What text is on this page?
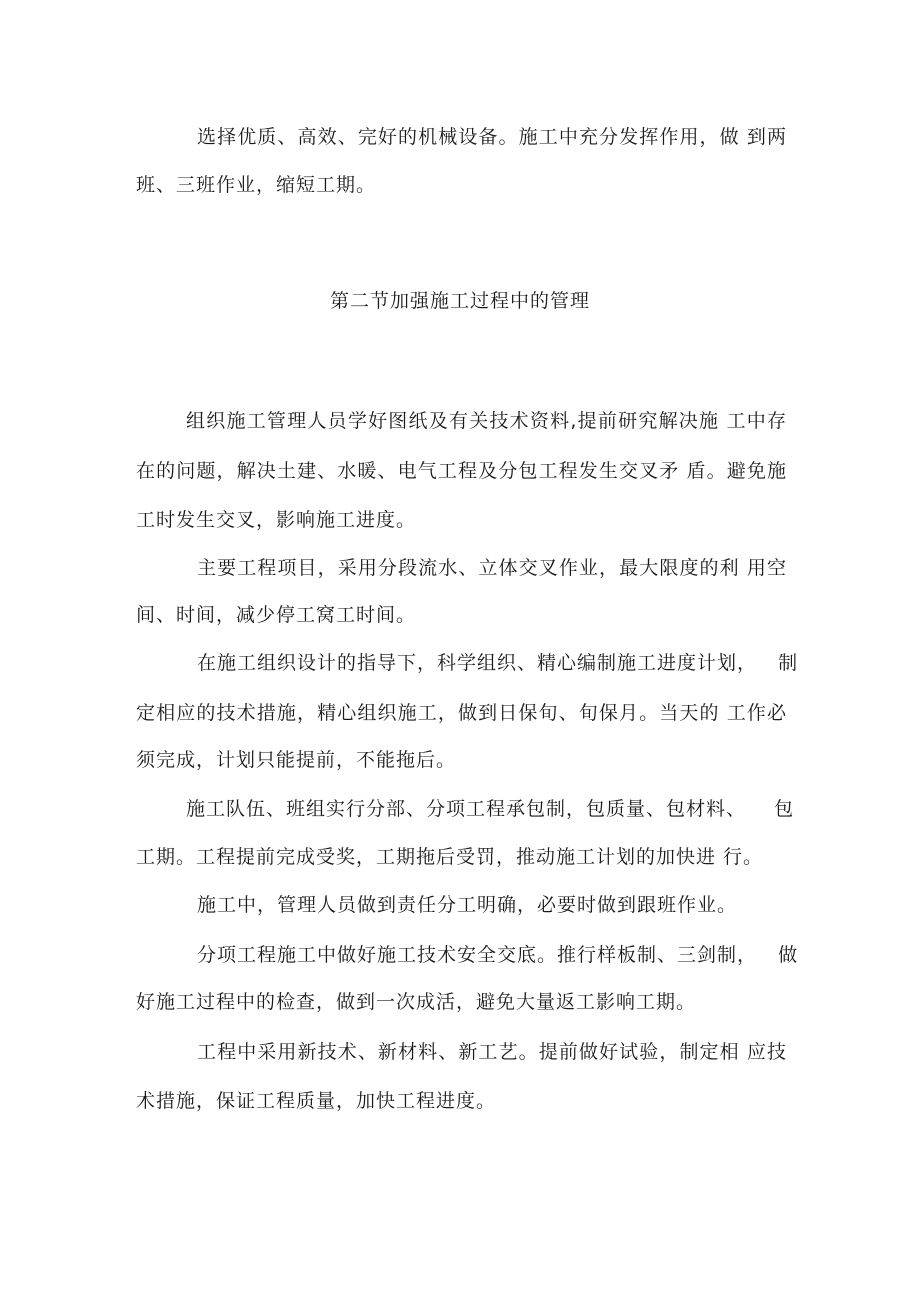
选择优质、高效、完好的机械设备。施工中充分发挥作用，做 到两
班、三班作业，缩短工期。
第二节加强施工过程中的管理
组织施工管理人员学好图纸及有关技术资料,提前研究解决施 工中存
在的问题，解决土建、水暖、电气工程及分包工程发生交叉矛 盾。避免施
工时发生交叉，影响施工进度。
主要工程项目，采用分段流水、立体交叉作业，最大限度的利 用空
间、时间，减少停工窝工时间。
在施工组织设计的指导下，科学组织、精心编制施工进度计划，   制
定相应的技术措施，精心组织施工，做到日保旬、旬保月。当天的 工作必
须完成，计划只能提前，不能拖后。
施工队伍、班组实行分部、分项工程承包制，包质量、包材料、    包
工期。工程提前完成受奖，工期拖后受罚，推动施工计划的加快进 行。
施工中，管理人员做到责任分工明确，必要时做到跟班作业。
分项工程施工中做好施工技术安全交底。推行样板制、三剑制，   做
好施工过程中的检查，做到一次成活，避免大量返工影响工期。
工程中采用新技术、新材料、新工艺。提前做好试验，制定相 应技
术措施，保证工程质量，加快工程进度。
